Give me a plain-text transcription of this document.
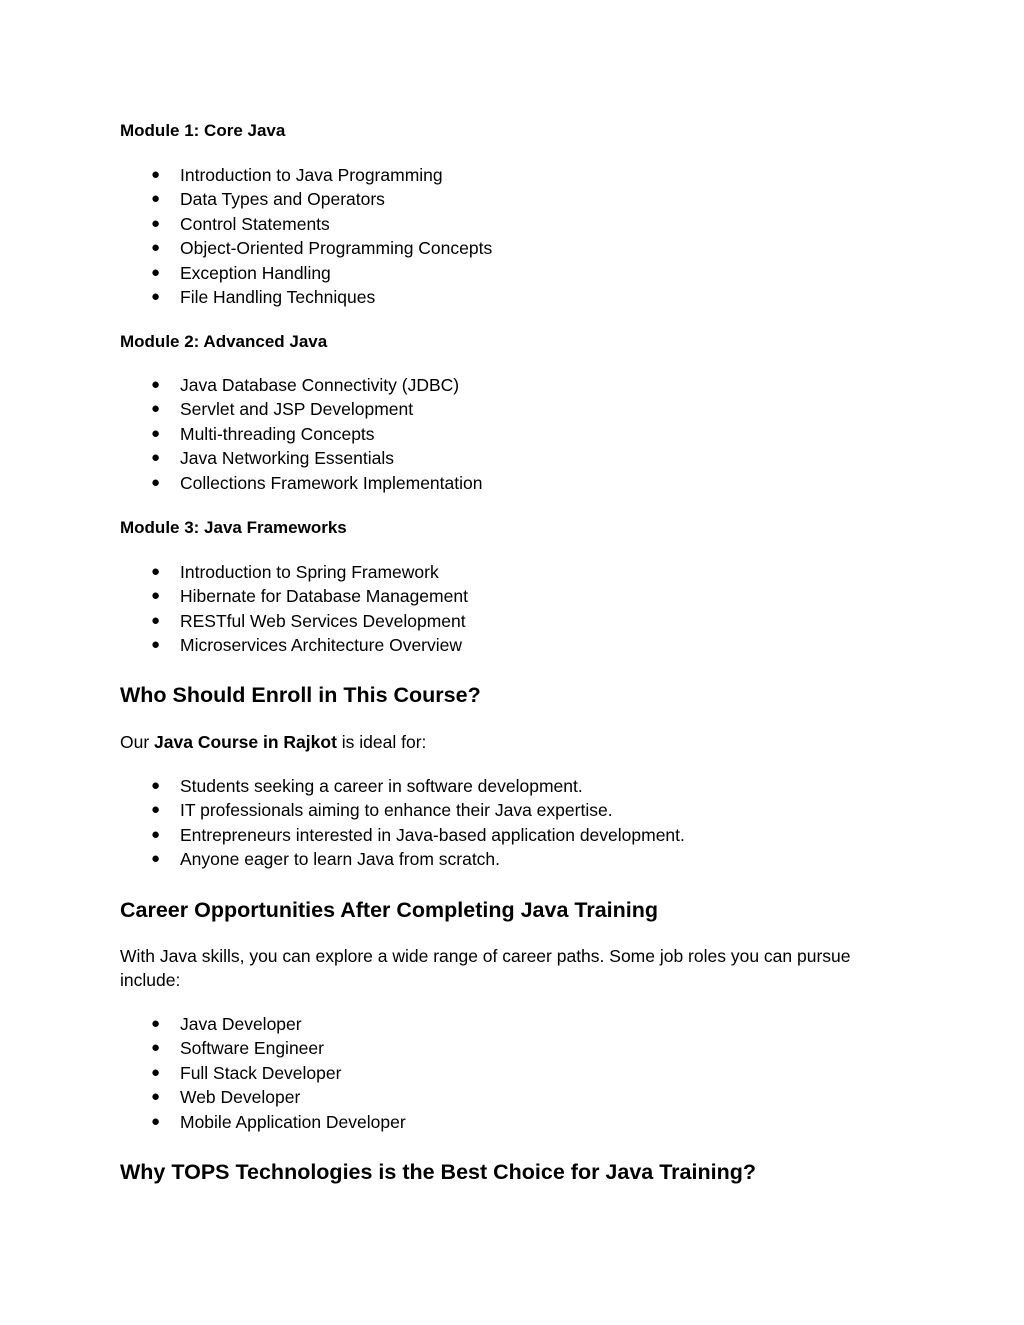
Module 1: Core Java
● Introduction to Java Programming
● Data Types and Operators
● Control Statements
● Object-Oriented Programming Concepts
● Exception Handling
● File Handling Techniques
Module 2: Advanced Java
● Java Database Connectivity (JDBC)
● Servlet and JSP Development
● Multi-threading Concepts
● Java Networking Essentials
● Collections Framework Implementation
Module 3: Java Frameworks
● Introduction to Spring Framework
● Hibernate for Database Management
● RESTful Web Services Development
● Microservices Architecture Overview
Who Should Enroll in This Course?

Our Java Course in Rajkot is ideal for:

● Students seeking a career in software development.
● IT professionals aiming to enhance their Java expertise.
● Entrepreneurs interested in Java-based application development.
● Anyone eager to learn Java from scratch.
Career Opportunities After Completing Java Training

With Java skills, you can explore a wide range of career paths. Some job roles you can pursue include:

● Java Developer
● Software Engineer
● Full Stack Developer
● Web Developer
● Mobile Application Developer
Why TOPS Technologies is the Best Choice for Java Training?
